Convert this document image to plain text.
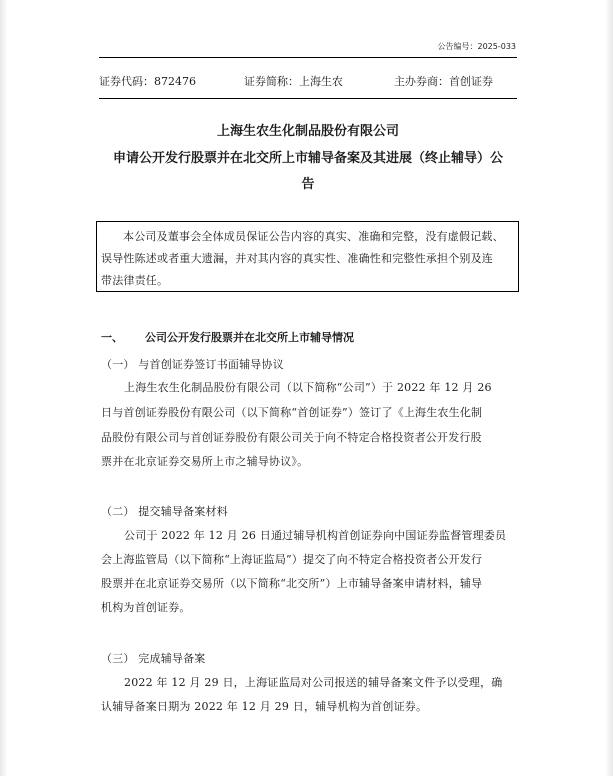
公告编号：2025-033
证券代码：872476	证券简称：上海生农	主办券商：首创证券
上海生农生化制品股份有限公司
申请公开发行股票并在北交所上市辅导备案及其进展（终止辅导）公
告
本公司及董事会全体成员保证公告内容的真实、准确和完整，没有虚假记载、
误导性陈述或者重大遗漏，并对其内容的真实性、准确性和完整性承担个别及连
带法律责任。
一、 公司公开发行股票并在北交所上市辅导情况
（一） 与首创证券签订书面辅导协议
上海生农生化制品股份有限公司（以下简称“公司”）于 2022 年 12 月 26
日与首创证券股份有限公司（以下简称“首创证券”）签订了《上海生农生化制
品股份有限公司与首创证券股份有限公司关于向不特定合格投资者公开发行股
票并在北京证券交易所上市之辅导协议》。
（二） 提交辅导备案材料
公司于 2022 年 12 月 26 日通过辅导机构首创证券向中国证券监督管理委员
会上海监管局（以下简称“上海证监局”）提交了向不特定合格投资者公开发行
股票并在北京证券交易所（以下简称“北交所”）上市辅导备案申请材料，辅导
机构为首创证券。
（三） 完成辅导备案
2022 年 12 月 29 日，上海证监局对公司报送的辅导备案文件予以受理，确
认辅导备案日期为 2022 年 12 月 29 日，辅导机构为首创证券。
